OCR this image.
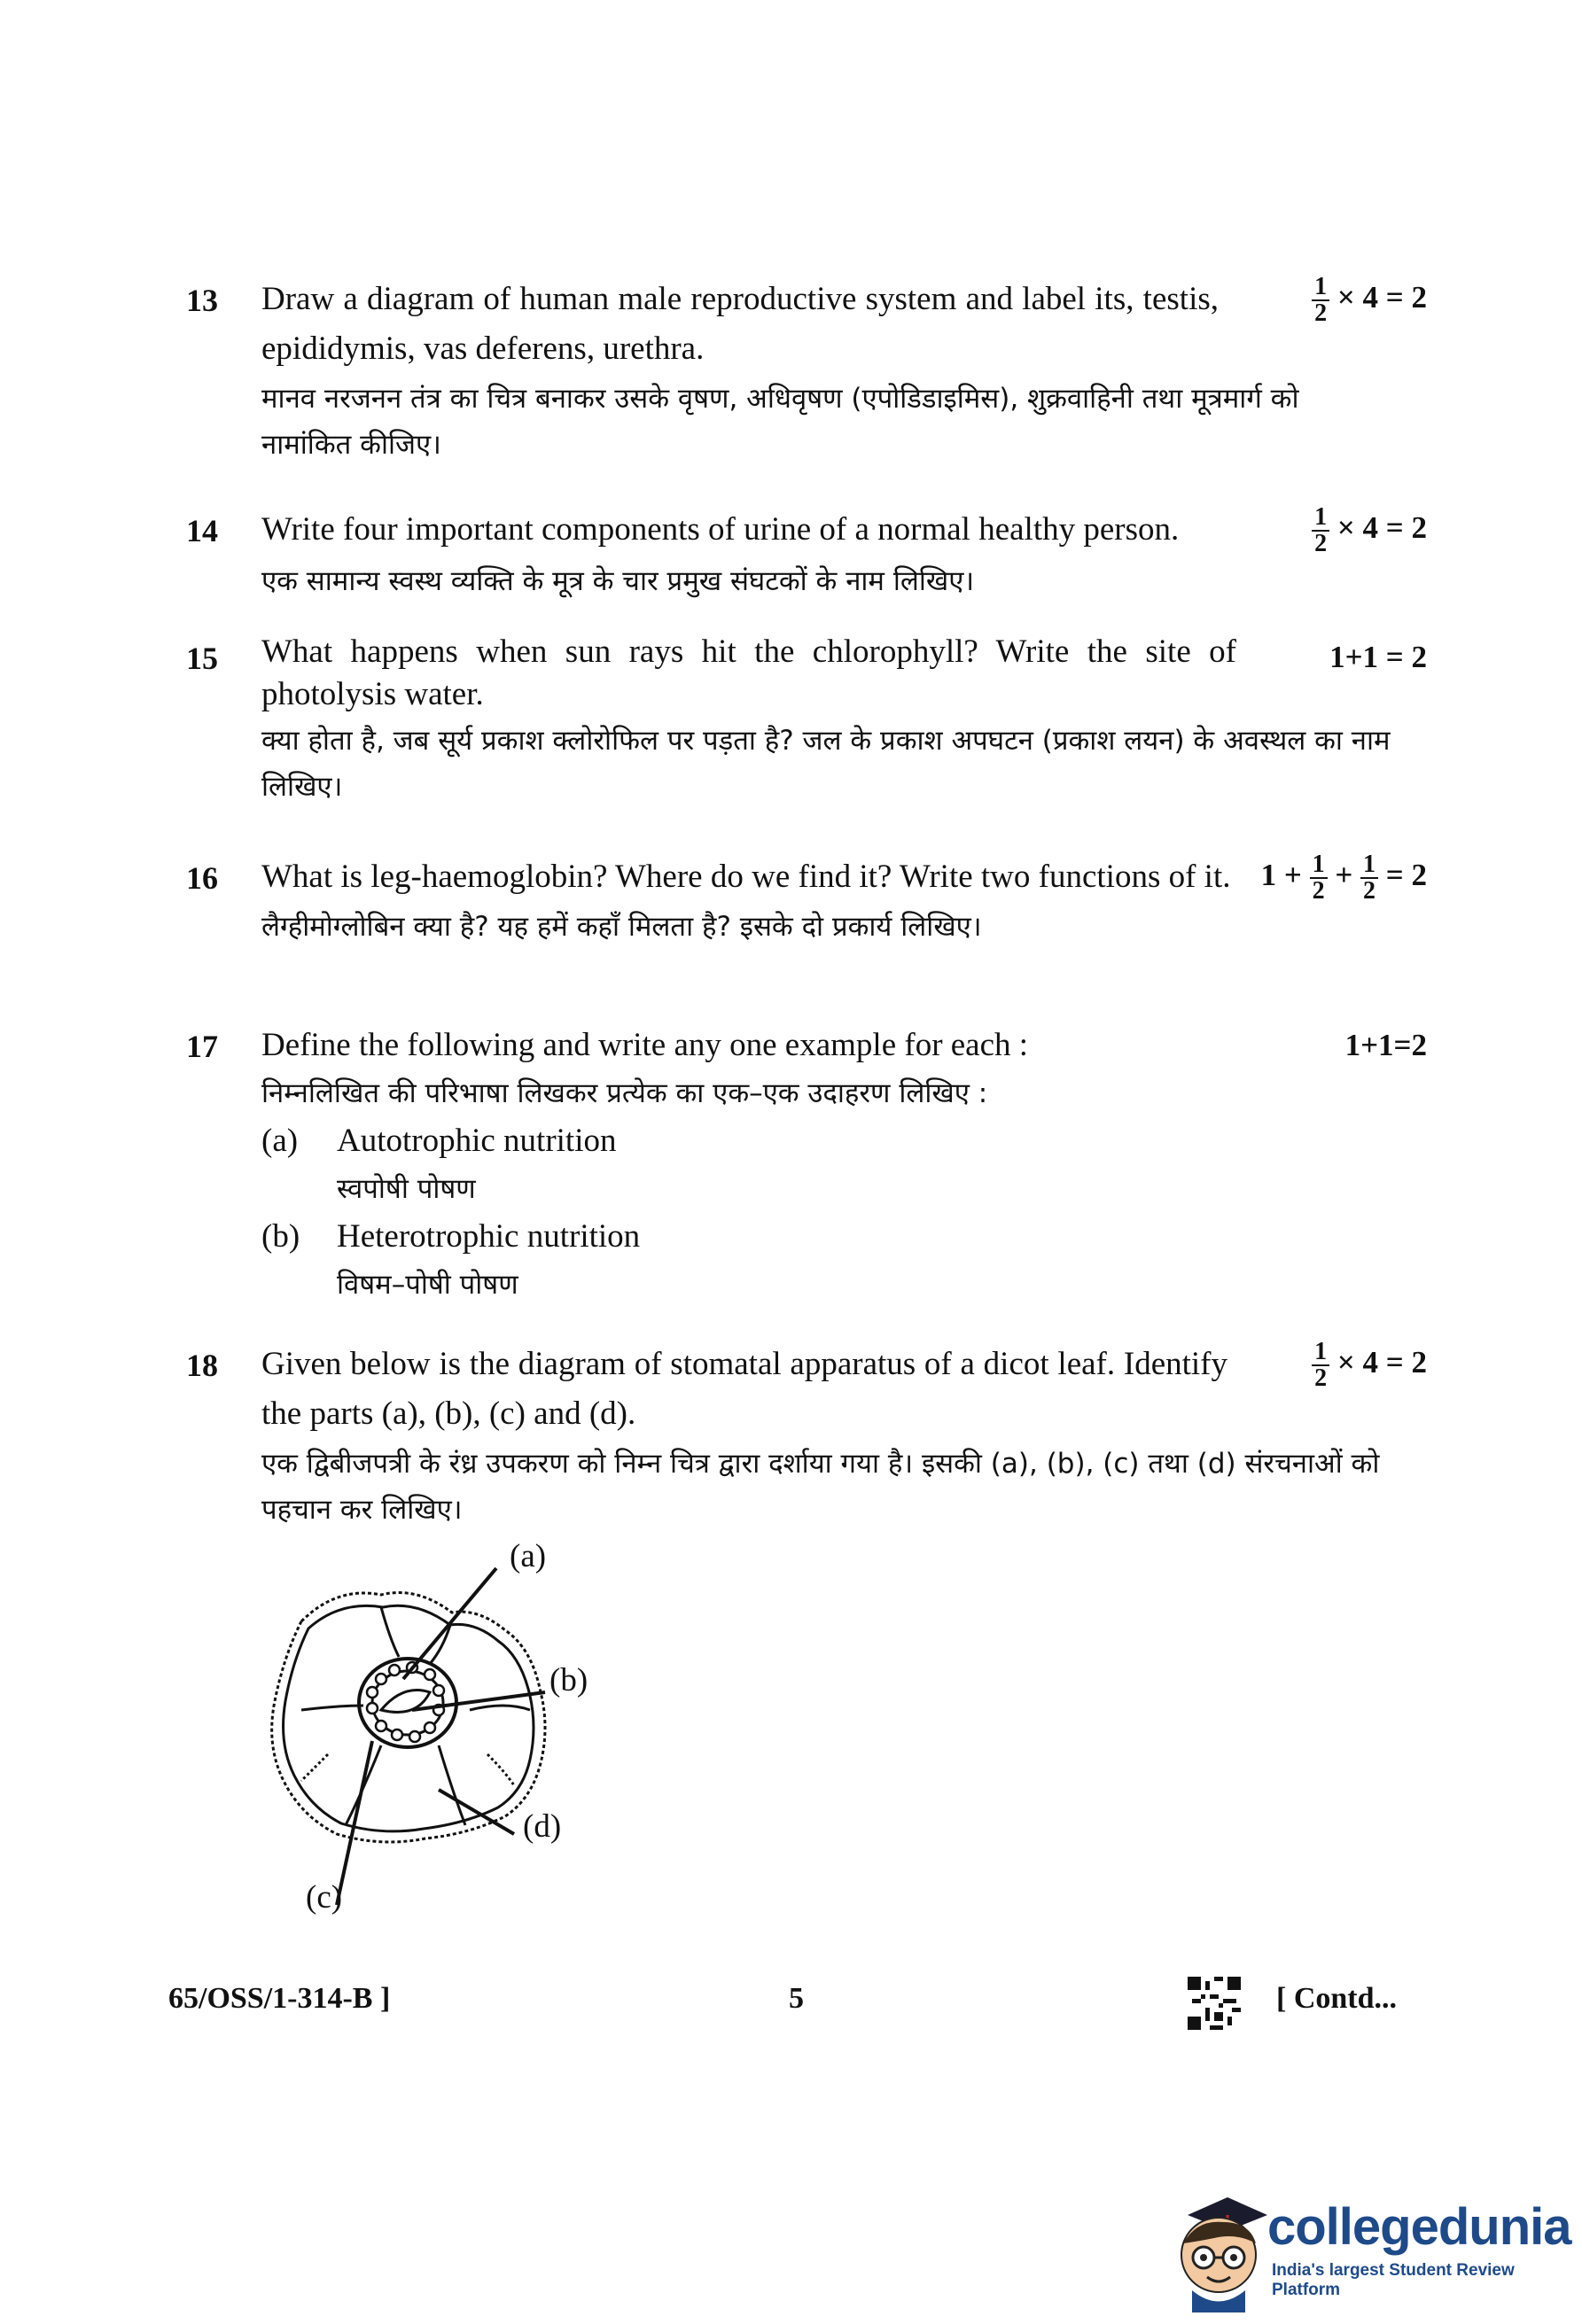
13 Draw a diagram of human male reproductive system and label its, testis, epididymis, vas deferens, urethra.
मानव नरजनन तंत्र का चित्र बनाकर उसके वृषण, अधिवृषण (एपोडिडाइमिस), शुक्रवाहिनी तथा मूत्रमार्ग को नामांकित कीजिए।
$\frac{1}{2} \times 4 = 2$
14 Write four important components of urine of a normal healthy person.
एक सामान्य स्वस्थ व्यक्ति के मूत्र के चार प्रमुख संघटकों के नाम लिखिए।
$\frac{1}{2} \times 4 = 2$
15 What happens when sun rays hit the chlorophyll? Write the site of photolysis water.
क्या होता है, जब सूर्य प्रकाश क्लोरोफिल पर पड़ता है? जल के प्रकाश अपघटन (प्रकाश लयन) के अवस्थल का नाम लिखिए।
1+1 = 2
16 What is leg-haemoglobin? Where do we find it? Write two functions of it.
लैग्हीमोग्लोबिन क्या है? यह हमें कहाँ मिलता है? इसके दो प्रकार्य लिखिए।
$1 + \frac{1}{2} + \frac{1}{2} = 2$
17 Define the following and write any one example for each :
निम्नलिखित की परिभाषा लिखकर प्रत्येक का एक–एक उदाहरण लिखिए :
(a)	Autotrophic nutrition
स्वपोषी पोषण
(b)	Heterotrophic nutrition
विषम–पोषी पोषण
1+1=2
18 Given below is the diagram of stomatal apparatus of a dicot leaf. Identify the parts (a), (b), (c) and (d).
एक द्विबीजपत्री के रंध्र उपकरण को निम्न चित्र द्वारा दर्शाया गया है। इसकी (a), (b), (c) तथा (d) संरचनाओं को पहचान कर लिखिए।
$\frac{1}{2} \times 4 = 2$
(a)
(b)
(d)
(c)
65/OSS/1-314-B ]	5	[ Contd...
collegedunia
India's largest Student Review Platform
